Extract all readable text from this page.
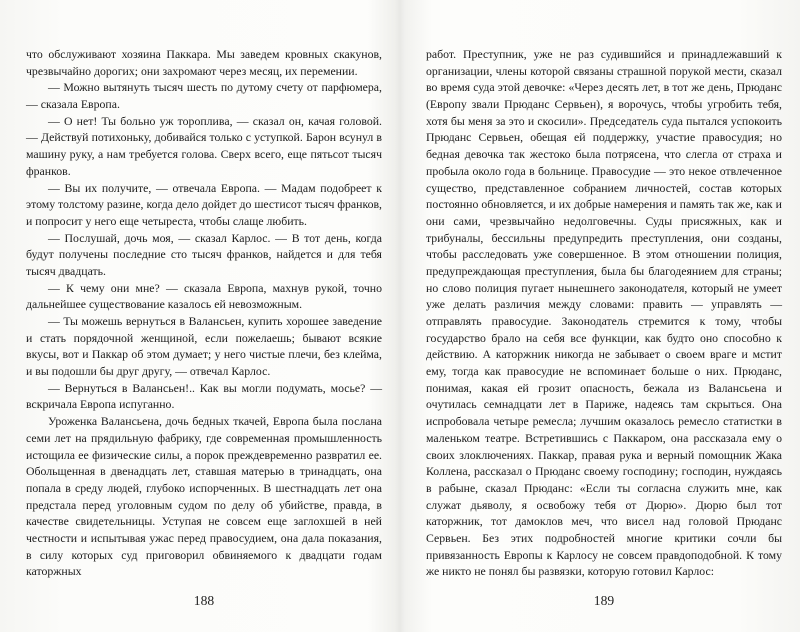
что обслуживают хозяина Паккара. Мы заведем кровных скакунов, чрезвычайно дорогих; они захромают через месяц, их перемении.

— Можно вытянуть тысяч шесть по дутому счету от парфюмера, — сказала Европа.

— О нет! Ты больно уж торопливa, — сказал он, качая головой. — Действуй потихоньку, добивайся только с уступкой. Барон всунул в машину руку, а нам требуется голова. Сверх всего, еще пятьсот тысяч франков.

— Вы их получите, — отвечала Европа. — Мадам подобреет к этому толстому разине, когда дело дойдет до шестисот тысяч франков, и попросит у него еще четыреста, чтобы слаще любить.

— Послушай, дочь моя, — сказал Карлос. — В тот день, когда будут получены последние сто тысяч франков, найдется и для тебя тысяч двадцать.

— К чему они мне? — сказала Европа, махнув рукой, точно дальнейшее существование казалось ей невозможным.

— Ты можешь вернуться в Валансьен, купить хорошее заведение и стать порядочной женщиной, если пожелаешь; бывают всякие вкусы, вот и Паккар об этом думает; у него чистые плечи, без клейма, и вы подошли бы друг другу, — отвечал Карлос.

— Вернуться в Валансьен!.. Как вы могли подумать, мосье? — вскричала Европа испуганно.

Уроженка Валансьена, дочь бедных ткачей, Европа была послана семи лет на прядильную фабрику, где современная промышленность истощила ее физические силы, а порок преждевременно развратил ее. Обольщенная в двенадцать лет, ставшая матерью в тринадцать, она попала в среду людей, глубоко испорченных. В шестнадцать лет она предстала перед уголовным судом по делу об убийстве, правда, в качестве свидетельницы. Уступая не совсем еще заглохшей в ней честности и испытывая ужас перед правосудием, она дала показания, в силу которых суд приговорил обвиняемого к двадцати годам каторжных

188

работ. Преступник, уже не раз судившийся и принадлежавший к организации, члены которой связаны страшной порукой мести, сказал во время суда этой девочке: «Через десять лет, в тот же день, Прюданс (Европу звали Прюданс Сервьен), я ворочусь, чтобы угробить тебя, хотя бы меня за это и скосили». Председатель суда пытался успокоить Прюданс Сервьен, обещая ей поддержку, участие правосудия; но бедная девочка так жестоко была потрясена, что слегла от страха и пробыла около года в больнице. Правосудие — это некое отвлеченное существо, представленное собранием личностей, состав которых постоянно обновляется, и их добрые намерения и память так же, как и они сами, чрезвычайно недолговечны. Суды присяжных, как и трибуналы, бессильны предупредить преступления, они созданы, чтобы расследовать уже совершенное. В этом отношении полиция, предупреждающая преступления, была бы благодеянием для страны; но слово полиция пугает нынешнего законодателя, который не умеет уже делать различия между словами: править — управлять — отправлять правосудие. Законодатель стремится к тому, чтобы государство брало на себя все функции, как будто оно способно к действию. А каторжник никогда не забывает о своем враге и мстит ему, тогда как правосудие не вспоминает больше о них. Прюданс, понимая, какая ей грозит опасность, бежала из Валансьена и очутилась семнадцати лет в Париже, надеясь там скрыться. Она испробовала четыре ремесла; лучшим оказалось ремесло статистки в маленьком театре. Встретившись с Паккаром, она рассказала ему о своих злоключениях. Паккар, правая рука и верный помощник Жака Коллена, рассказал о Прюданс своему господину; господин, нуждаясь в рабыне, сказал Прюданс: «Если ты согласна служить мне, как служат дьяволу, я освобожу тебя от Дюрю». Дюрю был тот каторжник, тот дамоклов меч, что висел над головой Прюданс Сервьен. Без этих подробностей многие критики сочли бы привязанность Европы к Карлосу не совсем правдоподобной. К тому же никто не понял бы развязки, которую готовил Карлос:

189
